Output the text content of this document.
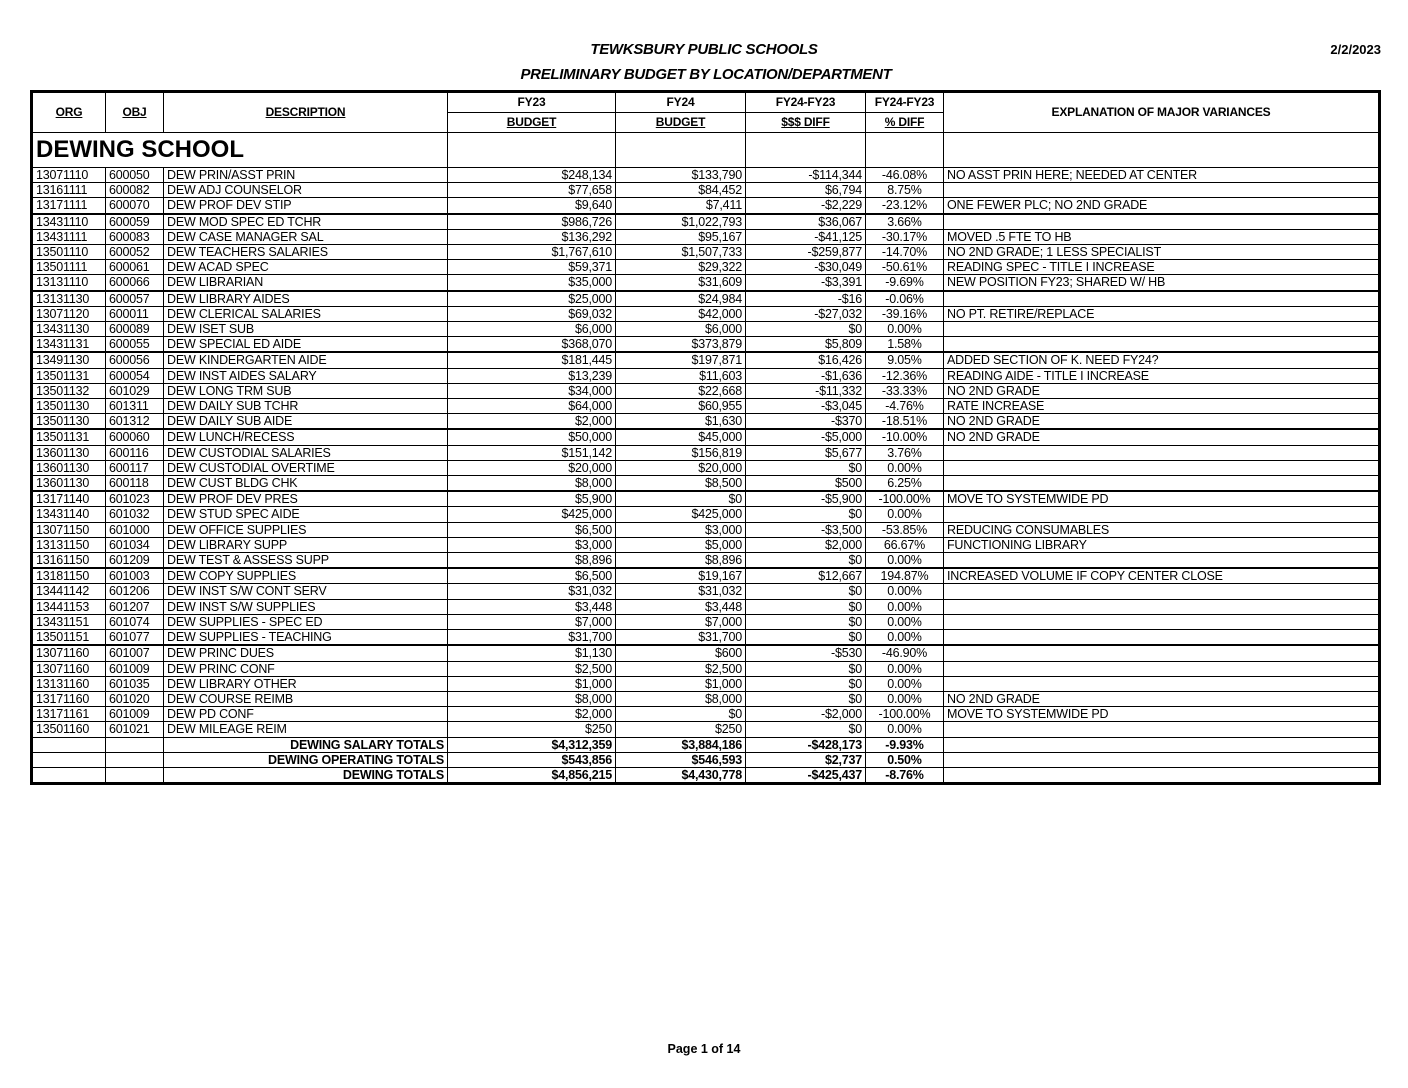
TEWKSBURY PUBLIC SCHOOLS
PRELIMINARY BUDGET BY LOCATION/DEPARTMENT
2/2/2023
ORG	OBJ	DESCRIPTION	FY23	FY24	FY24-FY23	FY24-FY23	EXPLANATION OF MAJOR VARIANCES
			BUDGET	BUDGET	$$$ DIFF	% DIFF	
DEWING SCHOOL							
13071110	600050	DEW PRIN/ASST PRIN	$248,134	$133,790	-$114,344	-46.08%	NO ASST PRIN HERE; NEEDED AT CENTER
13161111	600082	DEW ADJ COUNSELOR	$77,658	$84,452	$6,794	8.75%	
13171111	600070	DEW PROF DEV STIP	$9,640	$7,411	-$2,229	-23.12%	ONE FEWER PLC; NO 2ND GRADE
13431110	600059	DEW MOD SPEC ED TCHR	$986,726	$1,022,793	$36,067	3.66%	
13431111	600083	DEW CASE MANAGER SAL	$136,292	$95,167	-$41,125	-30.17%	MOVED .5 FTE TO HB
13501110	600052	DEW TEACHERS SALARIES	$1,767,610	$1,507,733	-$259,877	-14.70%	NO 2ND GRADE; 1 LESS SPECIALIST
13501111	600061	DEW ACAD SPEC	$59,371	$29,322	-$30,049	-50.61%	READING SPEC - TITLE I INCREASE
13131110	600066	DEW LIBRARIAN	$35,000	$31,609	-$3,391	-9.69%	NEW POSITION FY23; SHARED W/ HB
13131130	600057	DEW LIBRARY AIDES	$25,000	$24,984	-$16	-0.06%	
13071120	600011	DEW CLERICAL SALARIES	$69,032	$42,000	-$27,032	-39.16%	NO PT. RETIRE/REPLACE
13431130	600089	DEW ISET SUB	$6,000	$6,000	$0	0.00%	
13431131	600055	DEW SPECIAL ED AIDE	$368,070	$373,879	$5,809	1.58%	
13491130	600056	DEW KINDERGARTEN AIDE	$181,445	$197,871	$16,426	9.05%	ADDED SECTION OF K. NEED FY24?
13501131	600054	DEW INST AIDES SALARY	$13,239	$11,603	-$1,636	-12.36%	READING AIDE - TITLE I INCREASE
13501132	601029	DEW LONG TRM SUB	$34,000	$22,668	-$11,332	-33.33%	NO 2ND GRADE
13501130	601311	DEW DAILY SUB TCHR	$64,000	$60,955	-$3,045	-4.76%	RATE INCREASE
13501130	601312	DEW DAILY SUB AIDE	$2,000	$1,630	-$370	-18.51%	NO 2ND GRADE
13501131	600060	DEW LUNCH/RECESS	$50,000	$45,000	-$5,000	-10.00%	NO 2ND GRADE
13601130	600116	DEW CUSTODIAL SALARIES	$151,142	$156,819	$5,677	3.76%	
13601130	600117	DEW CUSTODIAL OVERTIME	$20,000	$20,000	$0	0.00%	
13601130	600118	DEW CUST BLDG CHK	$8,000	$8,500	$500	6.25%	
13171140	601023	DEW PROF DEV PRES	$5,900	$0	-$5,900	-100.00%	MOVE TO SYSTEMWIDE PD
13431140	601032	DEW STUD SPEC AIDE	$425,000	$425,000	$0	0.00%	
13071150	601000	DEW OFFICE SUPPLIES	$6,500	$3,000	-$3,500	-53.85%	REDUCING CONSUMABLES
13131150	601034	DEW LIBRARY SUPP	$3,000	$5,000	$2,000	66.67%	FUNCTIONING LIBRARY
13161150	601209	DEW TEST & ASSESS SUPP	$8,896	$8,896	$0	0.00%	
13181150	601003	DEW COPY SUPPLIES	$6,500	$19,167	$12,667	194.87%	INCREASED VOLUME IF COPY CENTER CLOSE
13441142	601206	DEW INST S/W CONT SERV	$31,032	$31,032	$0	0.00%	
13441153	601207	DEW INST S/W SUPPLIES	$3,448	$3,448	$0	0.00%	
13431151	601074	DEW SUPPLIES - SPEC ED	$7,000	$7,000	$0	0.00%	
13501151	601077	DEW SUPPLIES - TEACHING	$31,700	$31,700	$0	0.00%	
13071160	601007	DEW PRINC DUES	$1,130	$600	-$530	-46.90%	
13071160	601009	DEW PRINC CONF	$2,500	$2,500	$0	0.00%	
13131160	601035	DEW LIBRARY OTHER	$1,000	$1,000	$0	0.00%	
13171160	601020	DEW COURSE REIMB	$8,000	$8,000	$0	0.00%	NO 2ND GRADE
13171161	601009	DEW PD CONF	$2,000	$0	-$2,000	-100.00%	MOVE TO SYSTEMWIDE PD
13501160	601021	DEW MILEAGE REIM	$250	$250	$0	0.00%	
		DEWING SALARY TOTALS	$4,312,359	$3,884,186	-$428,173	-9.93%	
		DEWING OPERATING TOTALS	$543,856	$546,593	$2,737	0.50%	
		DEWING TOTALS	$4,856,215	$4,430,778	-$425,437	-8.76%	
Page 1 of 14
